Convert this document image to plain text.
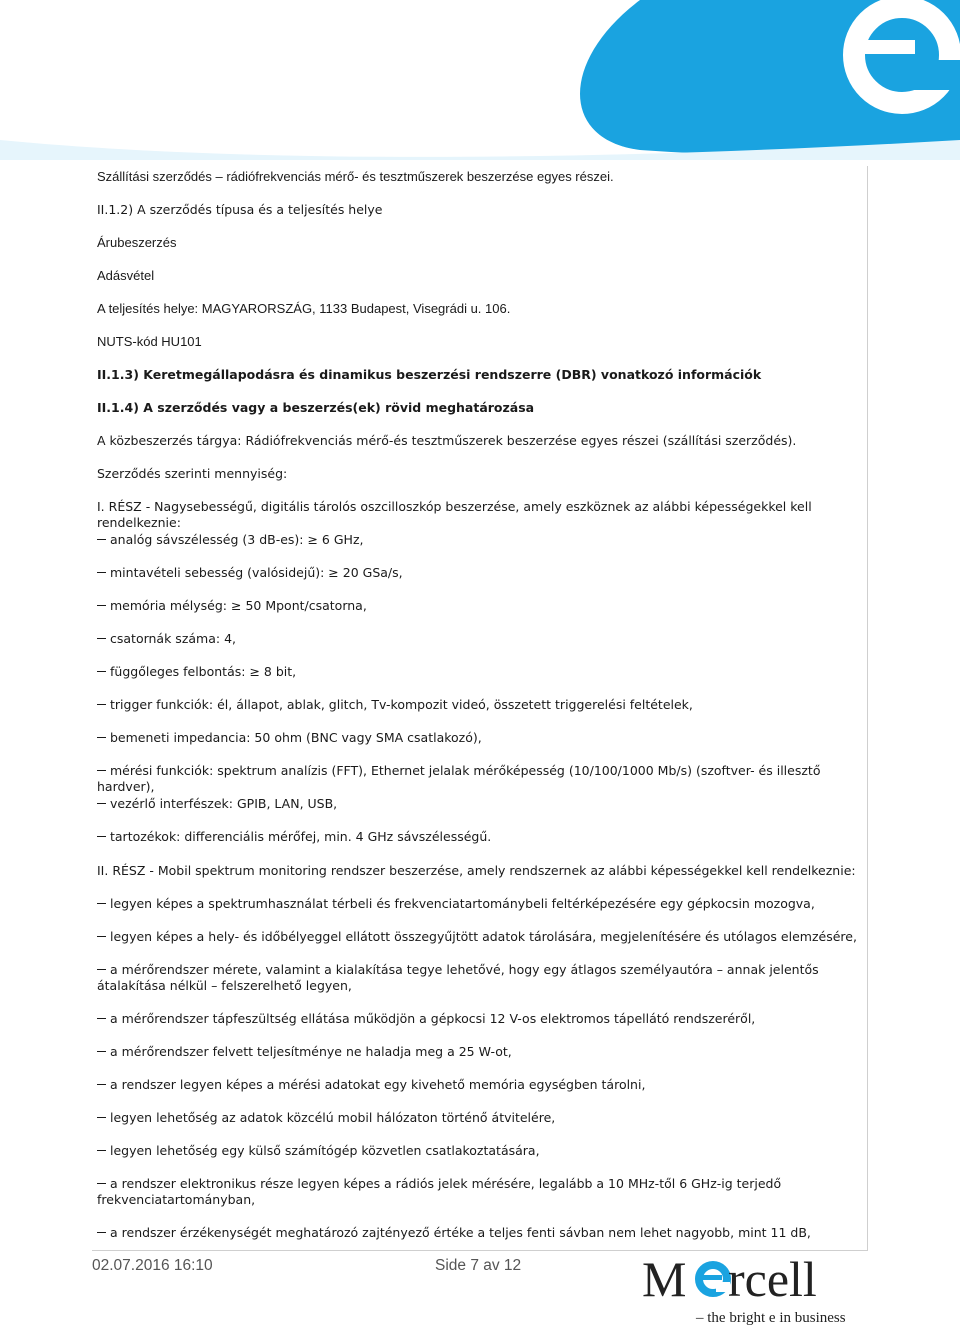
Szállítási szerződés – rádiófrekvenciás mérő- és tesztműszerek beszerzése egyes részei.
II.1.2) A szerződés típusa és a teljesítés helye
Árubeszerzés
Adásvétel
A teljesítés helye: MAGYARORSZÁG, 1133 Budapest, Visegrádi u. 106.
NUTS-kód HU101
II.1.3) Keretmegállapodásra és dinamikus beszerzési rendszerre (DBR) vonatkozó információk
II.1.4) A szerződés vagy a beszerzés(ek) rövid meghatározása
A közbeszerzés tárgya: Rádiófrekvenciás mérő-és tesztműszerek beszerzése egyes részei (szállítási szerződés).
Szerződés szerinti mennyiség:
I. RÉSZ - Nagysebességű, digitális tárolós oszcilloszkóp beszerzése, amely eszköznek az alábbi képességekkel kell rendelkeznie:
analóg sávszélesség (3 dB-es): ≥ 6 GHz,
mintavételi sebesség (valósidejű): ≥ 20 GSa/s,
memória mélység: ≥ 50 Mpont/csatorna,
csatornák száma: 4,
függőleges felbontás: ≥ 8 bit,
trigger funkciók: él, állapot, ablak, glitch, Tv-kompozit videó, összetett triggerelési feltételek,
bemeneti impedancia: 50 ohm (BNC vagy SMA csatlakozó),
mérési funkciók: spektrum analízis (FFT), Ethernet jelalak mérőképesség (10/100/1000 Mb/s) (szoftver- és illesztő hardver),
vezérlő interfészek: GPIB, LAN, USB,
tartozékok: differenciális mérőfej, min. 4 GHz sávszélességű.
II. RÉSZ - Mobil spektrum monitoring rendszer beszerzése, amely rendszernek az alábbi képességekkel kell rendelkeznie:
legyen képes a spektrumhasználat térbeli és frekvenciatartománybeli feltérképezésére egy gépkocsin mozogva,
legyen képes a hely- és időbélyeggel ellátott összegyűjtött adatok tárolására, megjelenítésére és utólagos elemzésére,
a mérőrendszer mérete, valamint a kialakítása tegye lehetővé, hogy egy átlagos személyautóra – annak jelentős átalakítása nélkül – felszerelhető legyen,
a mérőrendszer tápfeszültség ellátása működjön a gépkocsi 12 V-os elektromos tápellátó rendszeréről,
a mérőrendszer felvett teljesítménye ne haladja meg a 25 W-ot,
a rendszer legyen képes a mérési adatokat egy kivehető memória egységben tárolni,
legyen lehetőség az adatok közcélú mobil hálózaton történő átvitelére,
legyen lehetőség egy külső számítógép közvetlen csatlakoztatására,
a rendszer elektronikus része legyen képes a rádiós jelek mérésére, legalább a 10 MHz-től 6 GHz-ig terjedő frekvenciatartományban,
a rendszer érzékenységét meghatározó zajtényező értéke a teljes fenti sávban nem lehet nagyobb, mint 11 dB,
02.07.2016 16:10	Side 7 av 12 M rcell
– the bright e in business
